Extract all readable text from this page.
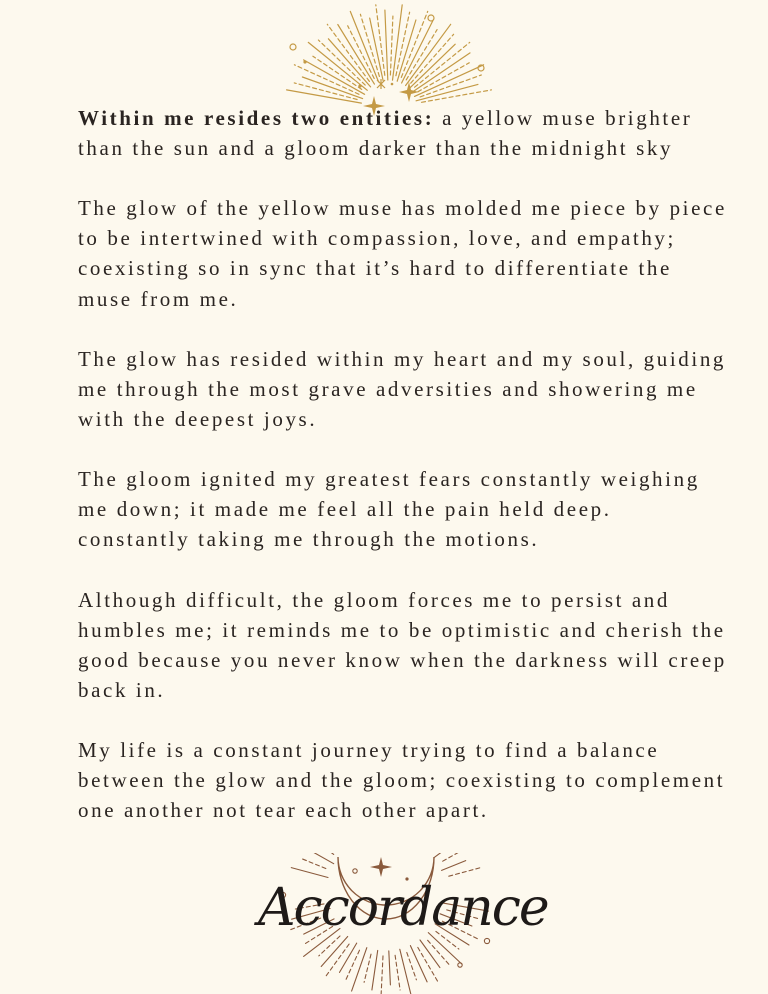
Within me resides two entities: a yellow muse brighter than the sun and a gloom darker than the midnight sky

The glow of the yellow muse has molded me piece by piece to be intertwined with compassion, love, and empathy; coexisting so in sync that it’s hard to differentiate the muse from me.

The glow has resided within my heart and my soul, guiding me through the most grave adversities and showering me with the deepest joys.

The gloom ignited my greatest fears constantly weighing me down; it made me feel all the pain held deep. constantly taking me through the motions.

Although difficult, the gloom forces me to persist and humbles me; it reminds me to be optimistic and cherish the good because you never know when the darkness will creep back in.

My life is a constant journey trying to find a balance between the glow and the gloom; coexisting to complement one another not tear each other apart.

Accordance
